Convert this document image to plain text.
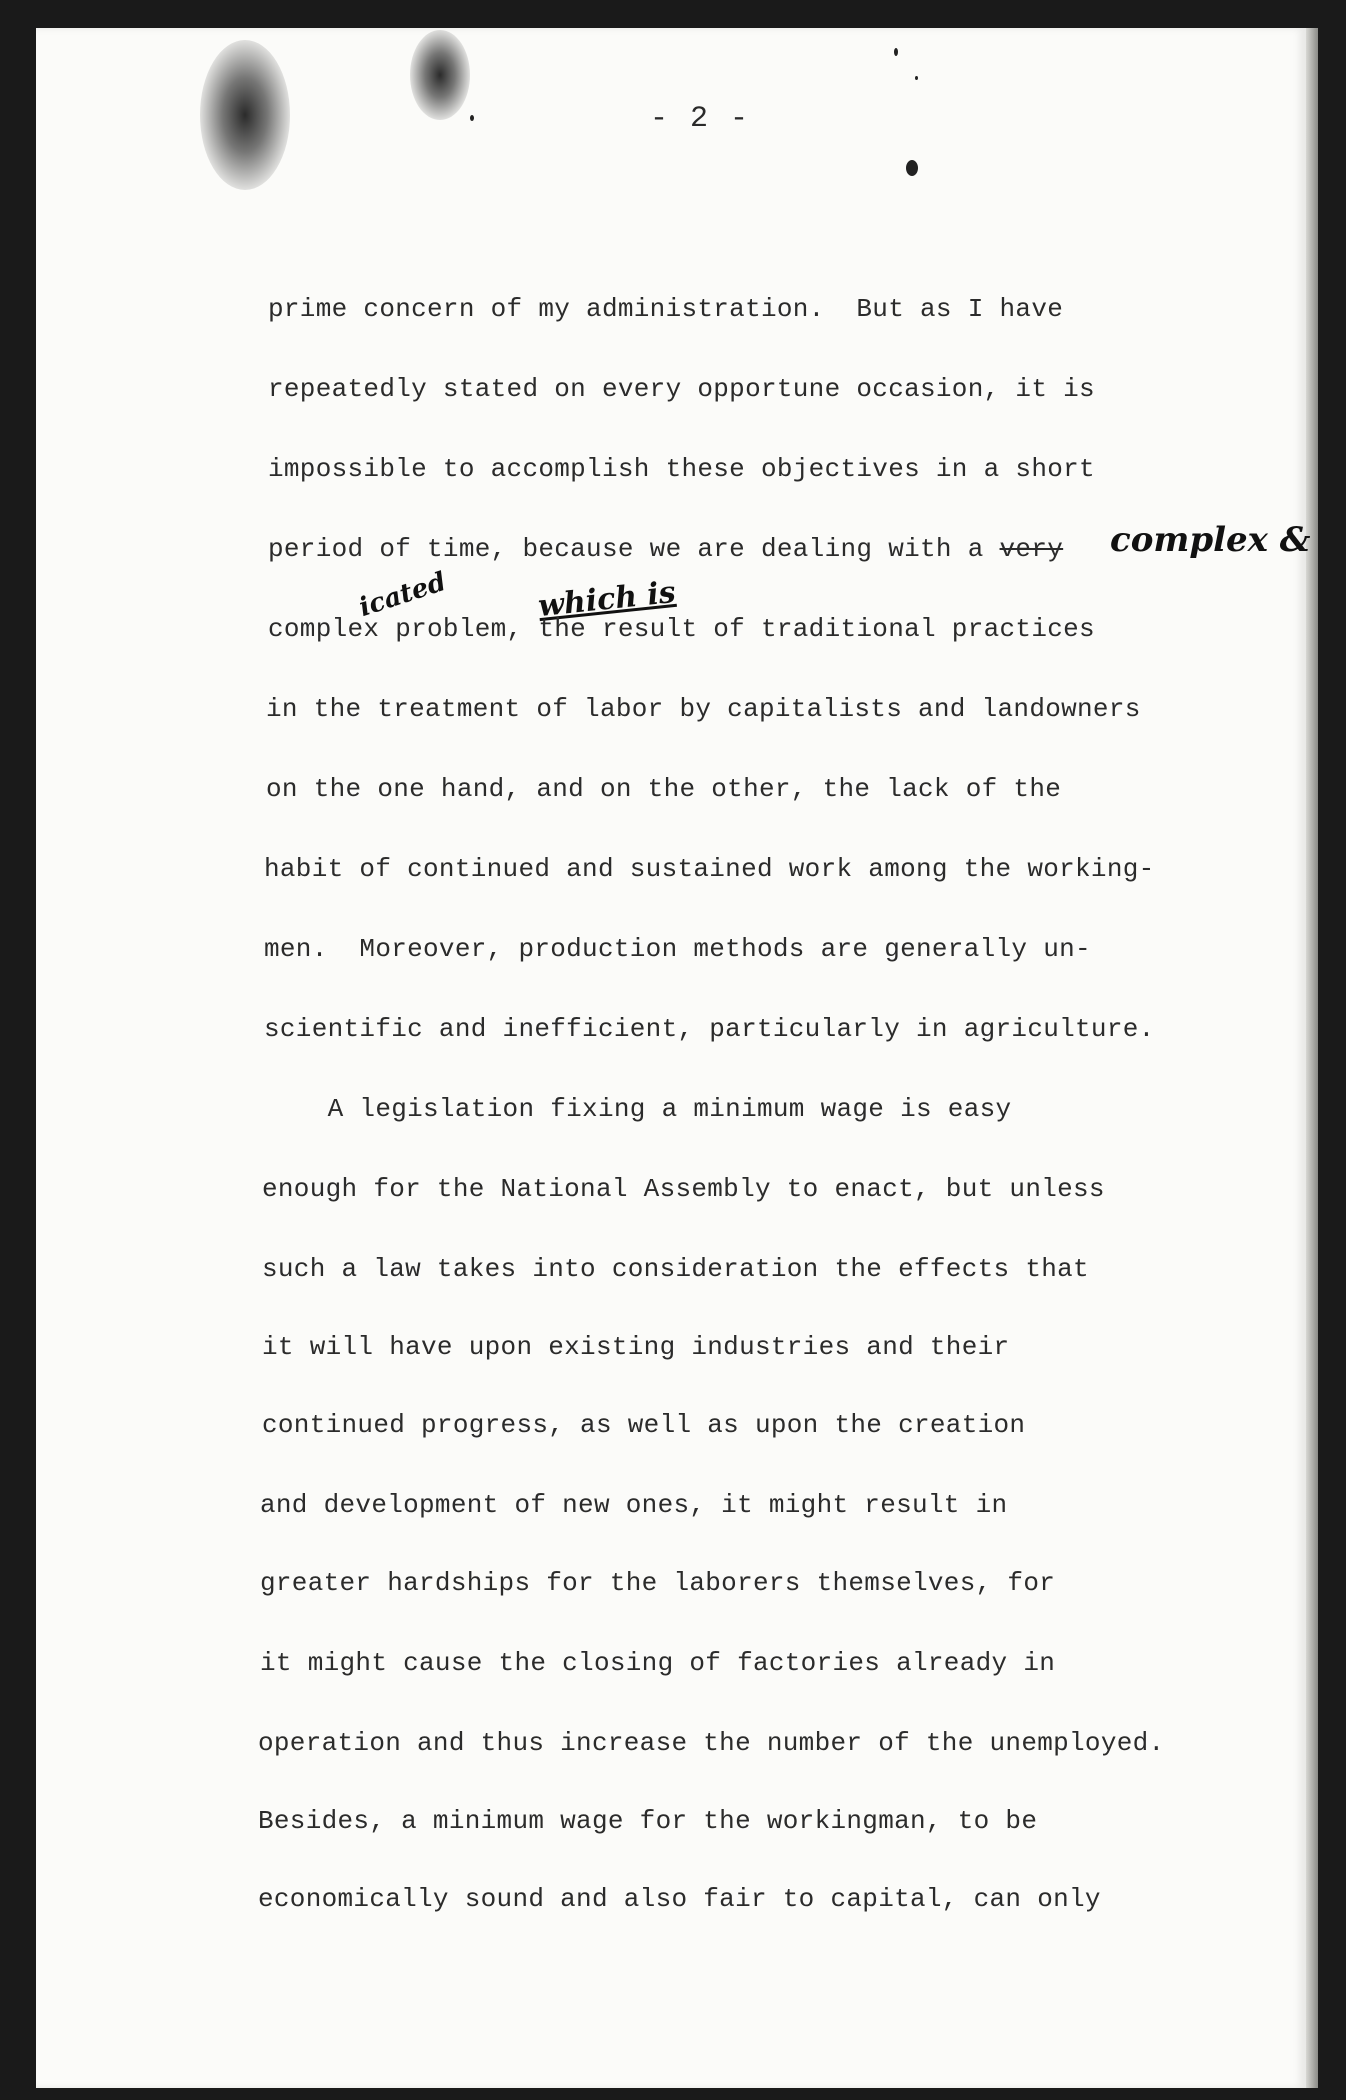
- 2 -
prime concern of my administration.  But as I have
repeatedly stated on every opportune occasion, it is
impossible to accomplish these objectives in a short
period of time, because we are dealing with a very complex &
icated	which is
complex problem, the result of traditional practices
in the treatment of labor by capitalists and landowners
on the one hand, and on the other, the lack of the
habit of continued and sustained work among the working-
men.  Moreover, production methods are generally un-
scientific and inefficient, particularly in agriculture.
A legislation fixing a minimum wage is easy
enough for the National Assembly to enact, but unless
such a law takes into consideration the effects that
it will have upon existing industries and their
continued progress, as well as upon the creation
and development of new ones, it might result in
greater hardships for the laborers themselves, for
it might cause the closing of factories already in
operation and thus increase the number of the unemployed.
Besides, a minimum wage for the workingman, to be
economically sound and also fair to capital, can only
